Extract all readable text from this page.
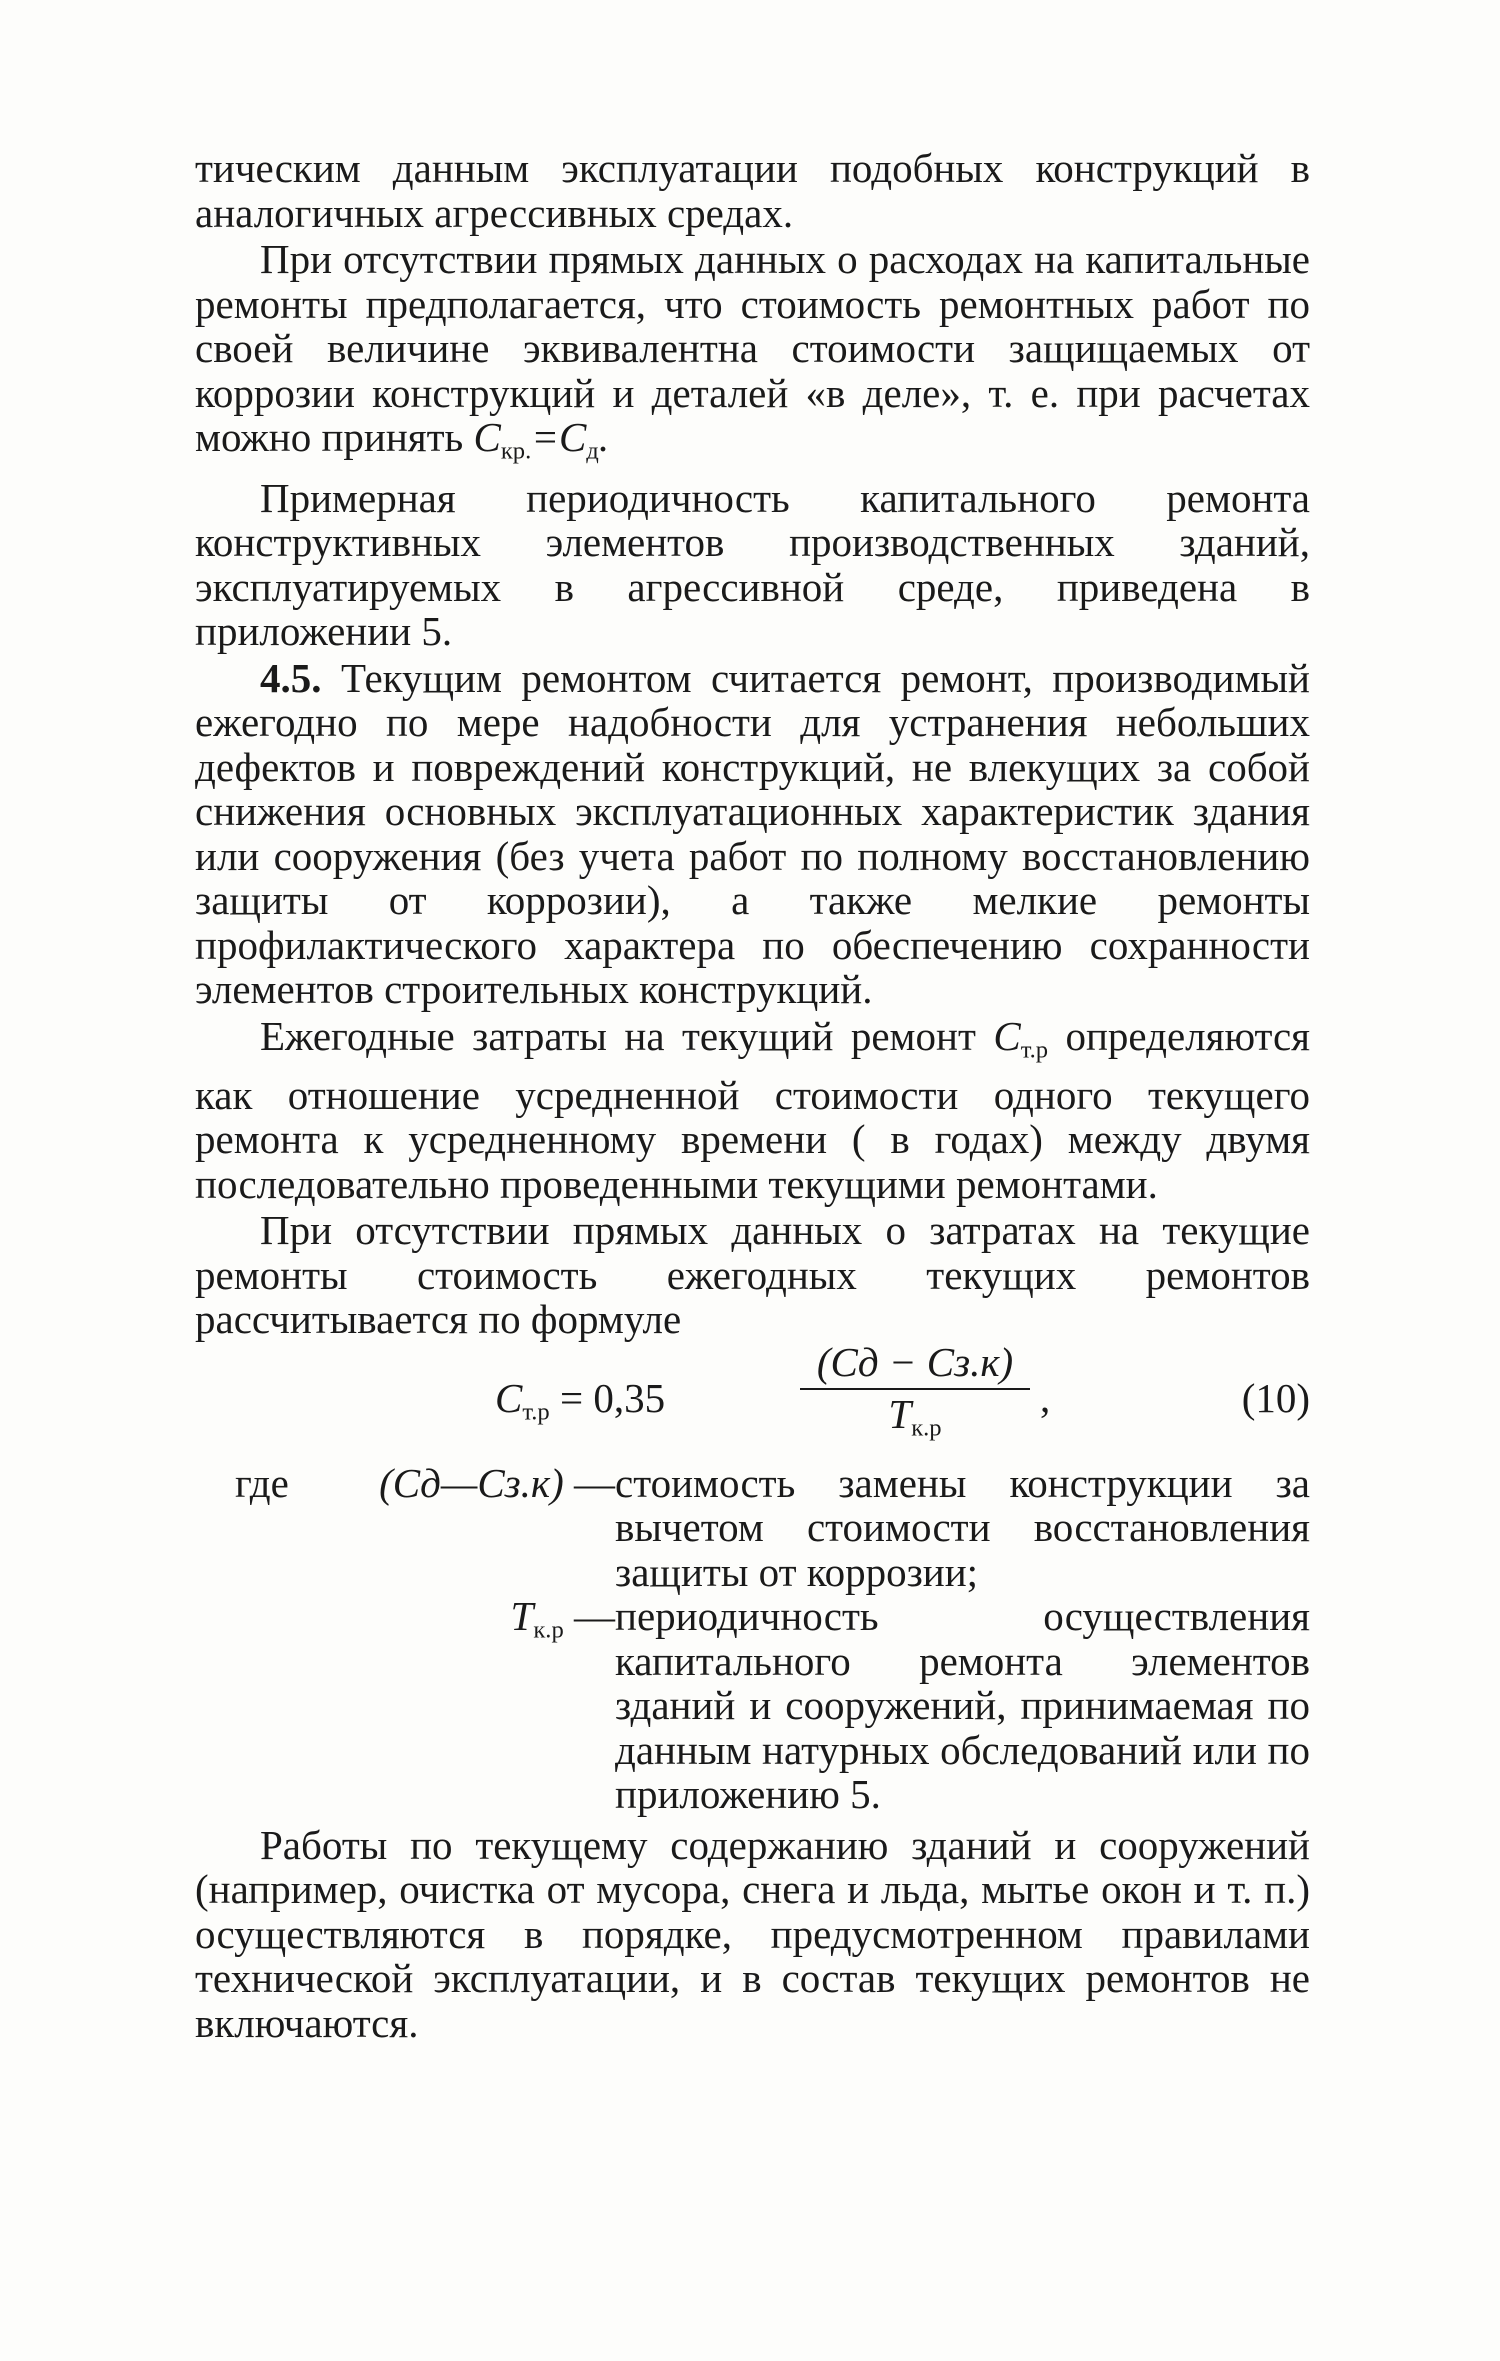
тическим данным эксплуатации подобных конструкций в аналогичных агрессивных средах.

При отсутствии прямых данных о расходах на капитальные ремонты предполагается, что стоимость ремонтных работ по своей величине эквивалентна стоимости защищаемых от коррозии конструкций и деталей «в деле», т. е. при расчетах можно принять $C_{кр.}=C_д$.

Примерная периодичность капитального ремонта конструктивных элементов производственных зданий, эксплуатируемых в агрессивной среде, приведена в приложении 5.

4.5. Текущим ремонтом считается ремонт, производимый ежегодно по мере надобности для устранения небольших дефектов и повреждений конструкций, не влекущих за собой снижения основных эксплуатационных характеристик здания или сооружения (без учета работ по полному восстановлению защиты от коррозии), а также мелкие ремонты профилактического характера по обеспечению сохранности элементов строительных конструкций.

Ежегодные затраты на текущий ремонт $C_{т.р}$ определяются как отношение усредненной стоимости одного текущего ремонта к усредненному времени ( в годах) между двумя последовательно проведенными текущими ремонтами.

При отсутствии прямых данных о затратах на текущие ремонты стоимость ежегодных текущих ремонтов рассчитывается по формуле

$C_{т.р} = 0,35$
(Cд − Cз.к)
$T_{к.р}$
,	(10)
где (Cд—Cз.к) — стоимость замены конструкции за вычетом стоимости восстановления защиты от коррозии;
$T_{к.р}$ — периодичность осуществления капитального ремонта элементов зданий и сооружений, принимаемая по данным натурных обследований или по приложению 5.

Работы по текущему содержанию зданий и сооружений (например, очистка от мусора, снега и льда, мытье окон и т. п.) осуществляются в порядке, предусмотренном правилами технической эксплуатации, и в состав текущих ремонтов не включаются.
